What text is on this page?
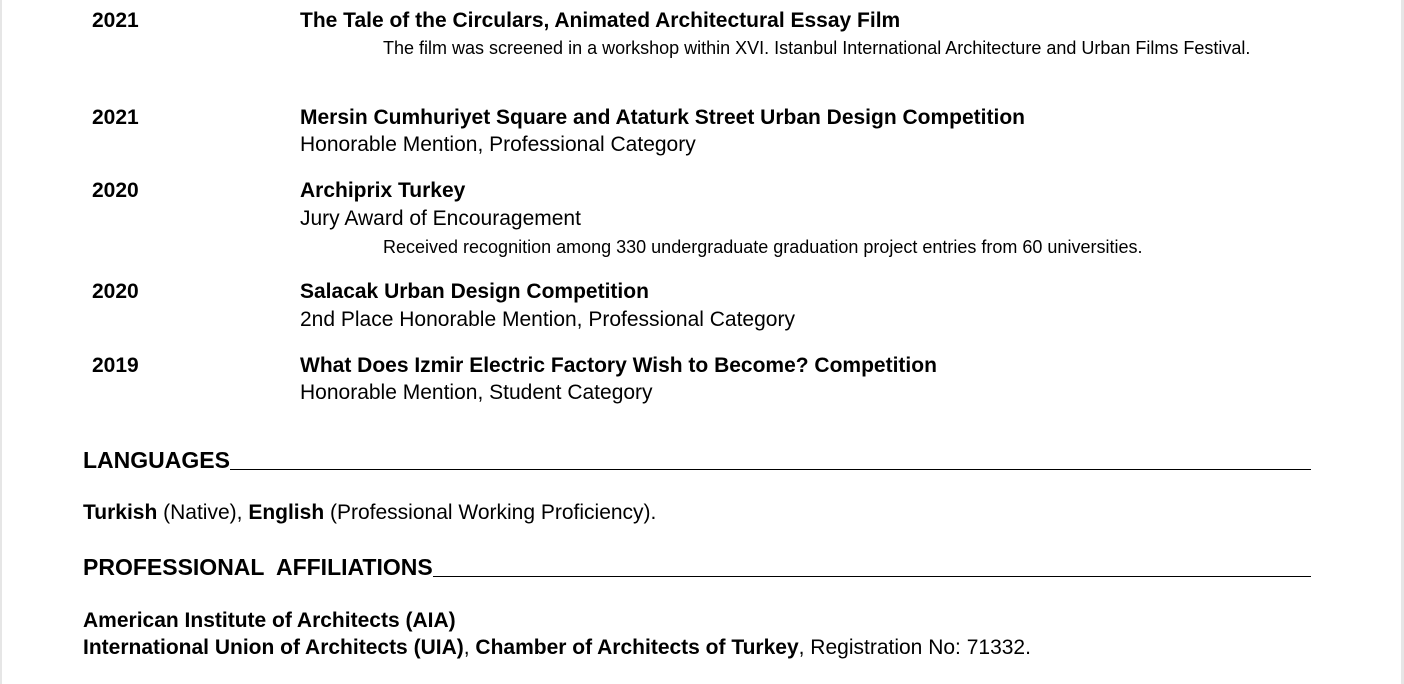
2021	The Tale of the Circulars, Animated Architectural Essay Film
The film was screened in a workshop within XVI. Istanbul International Architecture and Urban Films Festival.
2021	Mersin Cumhuriyet Square and Ataturk Street Urban Design Competition
Honorable Mention, Professional Category
2020	Archiprix Turkey
Jury Award of Encouragement
Received recognition among 330 undergraduate graduation project entries from 60 universities.
2020	Salacak Urban Design Competition
2nd Place Honorable Mention, Professional Category
2019	What Does Izmir Electric Factory Wish to Become? Competition
Honorable Mention, Student Category
LANGUAGES
Turkish (Native), English (Professional Working Proficiency).
PROFESSIONAL  AFFILIATIONS
American Institute of Architects (AIA)
International Union of Architects (UIA), Chamber of Architects of Turkey, Registration No: 71332.
